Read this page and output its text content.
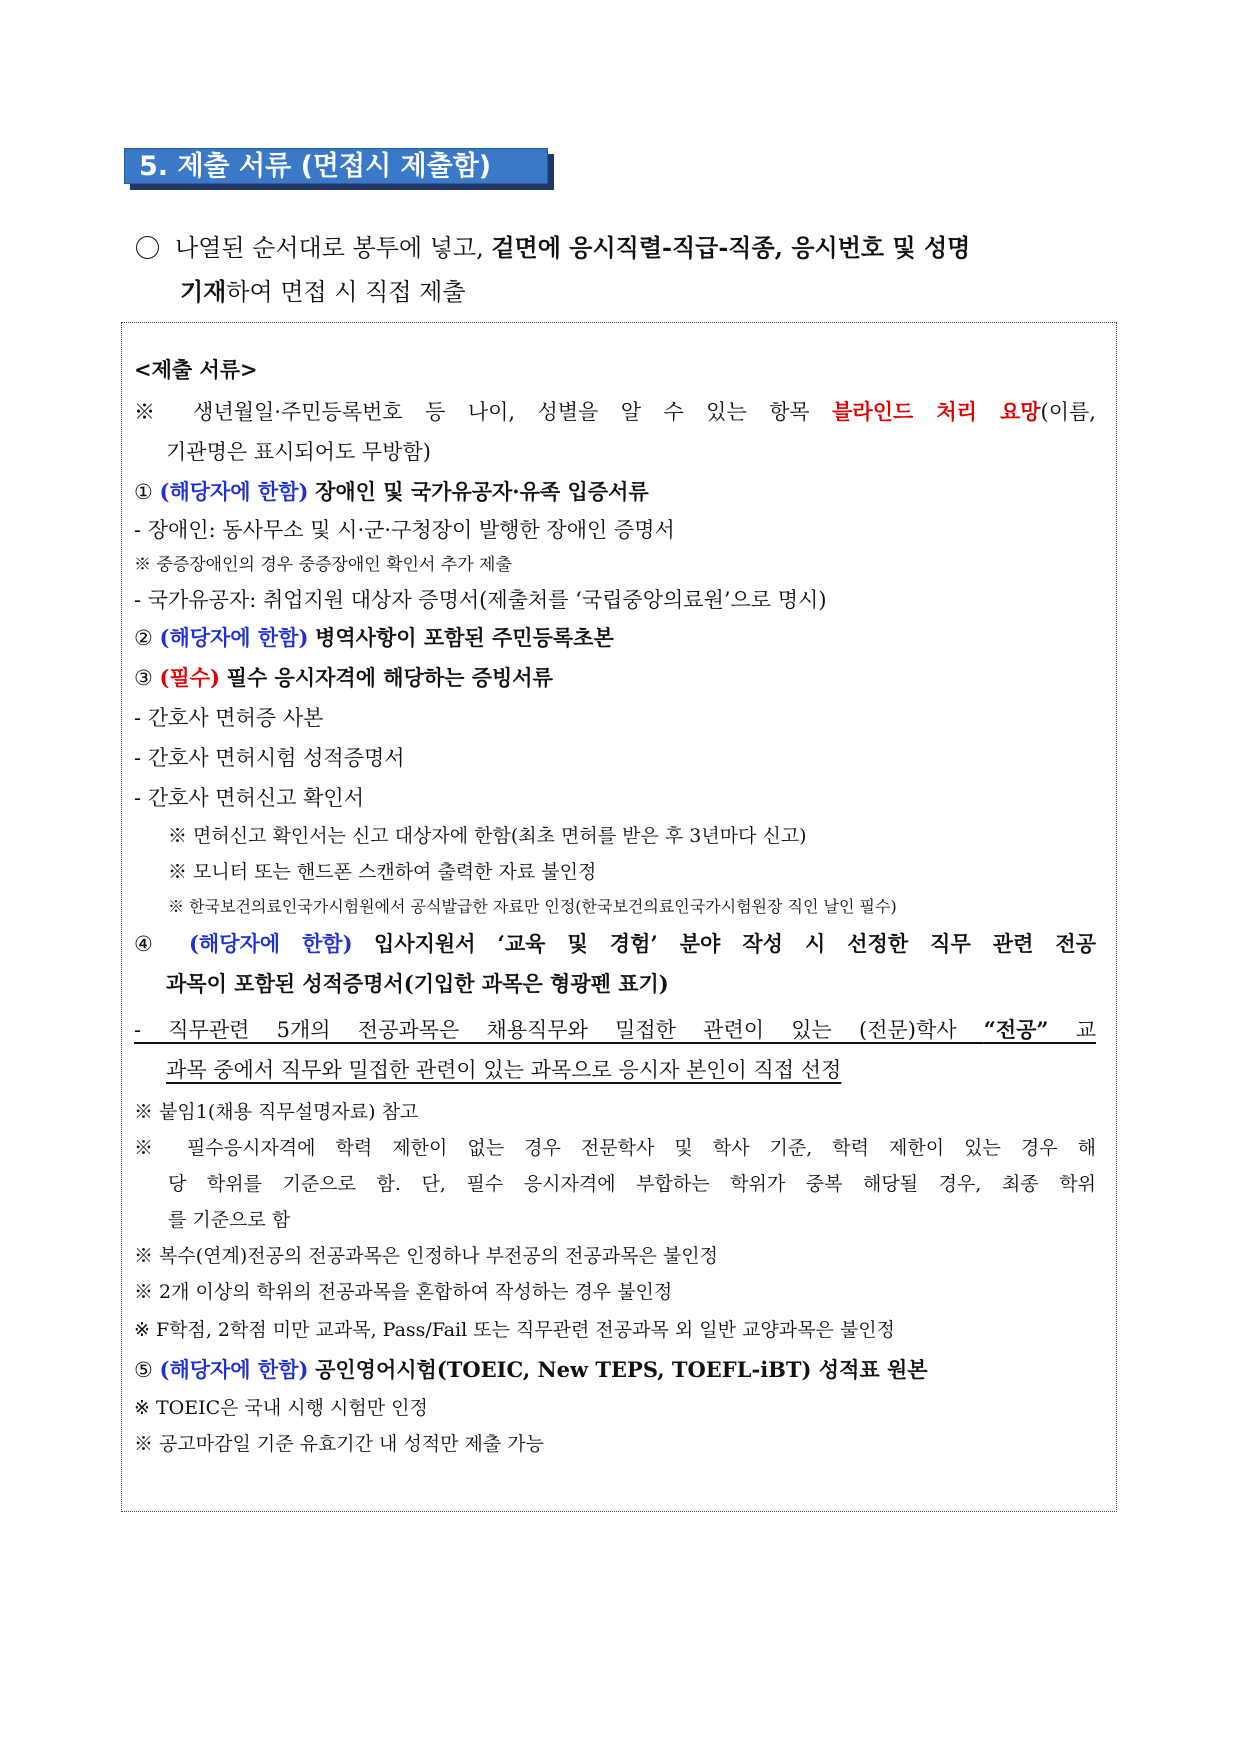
5. 제출 서류 (면접시 제출함)
나열된 순서대로 봉투에 넣고, 겉면에 응시직렬-직급-직종, 응시번호 및 성명
기재하여 면접 시 직접 제출
<제출 서류>
※ 생년월일·주민등록번호 등 나이, 성별을 알 수 있는 항목 블라인드 처리 요망(이름,
기관명은 표시되어도 무방함)
① (해당자에 한함) 장애인 및 국가유공자·유족 입증서류
- 장애인: 동사무소 및 시·군·구청장이 발행한 장애인 증명서
※ 중증장애인의 경우 중증장애인 확인서 추가 제출
- 국가유공자: 취업지원 대상자 증명서(제출처를 ‘국립중앙의료원’으로 명시)
② (해당자에 한함) 병역사항이 포함된 주민등록초본
③ (필수) 필수 응시자격에 해당하는 증빙서류
- 간호사 면허증 사본
- 간호사 면허시험 성적증명서
- 간호사 면허신고 확인서
※ 면허신고 확인서는 신고 대상자에 한함(최초 면허를 받은 후 3년마다 신고)
※ 모니터 또는 핸드폰 스캔하여 출력한 자료 불인정
※ 한국보건의료인국가시험원에서 공식발급한 자료만 인정(한국보건의료인국가시험원장 직인 날인 필수)
④ (해당자에 한함) 입사지원서 ‘교육 및 경험’ 분야 작성 시 선정한 직무 관련 전공
과목이 포함된 성적증명서(기입한 과목은 형광펜 표기)
- 직무관련 5개의 전공과목은 채용직무와 밀접한 관련이 있는 (전문)학사 “전공” 교
과목 중에서 직무와 밀접한 관련이 있는 과목으로 응시자 본인이 직접 선정
※ 붙임1(채용 직무설명자료) 참고
※ 필수응시자격에 학력 제한이 없는 경우 전문학사 및 학사 기준, 학력 제한이 있는 경우 해
당 학위를 기준으로 함. 단, 필수 응시자격에 부합하는 학위가 중복 해당될 경우, 최종 학위
를 기준으로 함
※ 복수(연계)전공의 전공과목은 인정하나 부전공의 전공과목은 불인정
※ 2개 이상의 학위의 전공과목을 혼합하여 작성하는 경우 불인정
※ F학점, 2학점 미만 교과목, Pass/Fail 또는 직무관련 전공과목 외 일반 교양과목은 불인정
⑤ (해당자에 한함) 공인영어시험(TOEIC, New TEPS, TOEFL-iBT) 성적표 원본
※ TOEIC은 국내 시행 시험만 인정
※ 공고마감일 기준 유효기간 내 성적만 제출 가능
